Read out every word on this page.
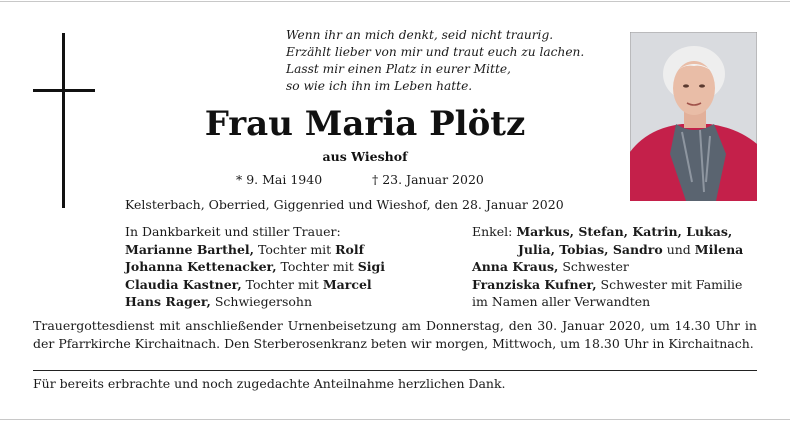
Wenn ihr an mich denkt, seid nicht traurig.
Erzählt lieber von mir und traut euch zu lachen.
Lasst mir einen Platz in eurer Mitte,
so wie ich ihn im Leben hatte.
Frau Maria Plötz
aus Wieshof
* 9. Mai 1940	† 23. Januar 2020
Kelsterbach, Oberried, Giggenried und Wieshof, den 28. Januar 2020
In Dankbarkeit und stiller Trauer:
Marianne Barthel, Tochter mit Rolf
Johanna Kettenacker, Tochter mit Sigi
Claudia Kastner, Tochter mit Marcel
Hans Rager, Schwiegersohn
Enkel: Markus, Stefan, Katrin, Lukas,
Julia, Tobias, Sandro und Milena
Anna Kraus, Schwester
Franziska Kufner, Schwester mit Familie
im Namen aller Verwandten
Trauergottesdienst mit anschließender Urnenbeisetzung am Donnerstag, den 30. Januar 2020, um 14.30 Uhr in der Pfarrkirche Kirchaitnach. Den Sterberosenkranz beten wir morgen, Mittwoch, um 18.30 Uhr in Kirchaitnach.
Für bereits erbrachte und noch zugedachte Anteilnahme herzlichen Dank.
